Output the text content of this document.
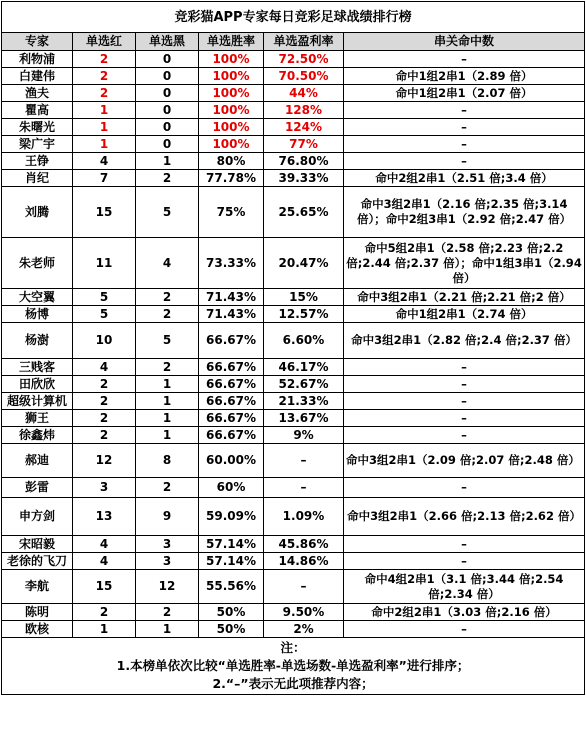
竞彩猫APP专家每日竞彩足球战绩排行榜					
专家	单选红	单选黑	单选胜率	单选盈利率	串关命中数
利物浦	2	0	100%	72.50%	–
白建伟	2	0	100%	70.50%	命中1组2串1（2.89 倍）
渔夫	2	0	100%	44%	命中1组2串1（2.07 倍）
瞿高	1	0	100%	128%	–
朱曙光	1	0	100%	124%	–
梁广宇	1	0	100%	77%	–
王铮	4	1	80%	76.80%	–
肖纪	7	2	77.78%	39.33%	命中2组2串1（2.51 倍;3.4 倍）
刘腾	15	5	75%	25.65%	命中3组2串1（2.16 倍;2.35 倍;3.14 倍）；命中2组3串1（2.92 倍;2.47 倍）
朱老师	11	4	73.33%	20.47%	命中5组2串1（2.58 倍;2.23 倍;2.2 倍;2.44 倍;2.37 倍）；命中1组3串1（2.94 倍）
大空翼	5	2	71.43%	15%	命中3组2串1（2.21 倍;2.21 倍;2 倍）
杨博	5	2	71.43%	12.57%	命中1组2串1（2.74 倍）
杨澍	10	5	66.67%	6.60%	命中3组2串1（2.82 倍;2.4 倍;2.37 倍）
三贱客	4	2	66.67%	46.17%	–
田欣欣	2	1	66.67%	52.67%	–
超级计算机	2	1	66.67%	21.33%	–
狮王	2	1	66.67%	13.67%	–
徐鑫炜	2	1	66.67%	9%	–
郝迪	12	8	60.00%	–	命中3组2串1（2.09 倍;2.07 倍;2.48 倍）
彭雷	3	2	60%	–	–
申方剑	13	9	59.09%	1.09%	命中3组2串1（2.66 倍;2.13 倍;2.62 倍）
宋昭毅	4	3	57.14%	45.86%	–
老徐的飞刀	4	3	57.14%	14.86%	–
李航	15	12	55.56%	–	命中4组2串1（3.1 倍;3.44 倍;2.54 倍;2.34 倍）
陈明	2	2	50%	9.50%	命中2组2串1（3.03 倍;2.16 倍）
欧核	1	1	50%	2%	–

注：
1.本榜单依次比较“单选胜率-单选场数-单选盈利率”进行排序；
2.“–”表示无此项推荐内容；					
